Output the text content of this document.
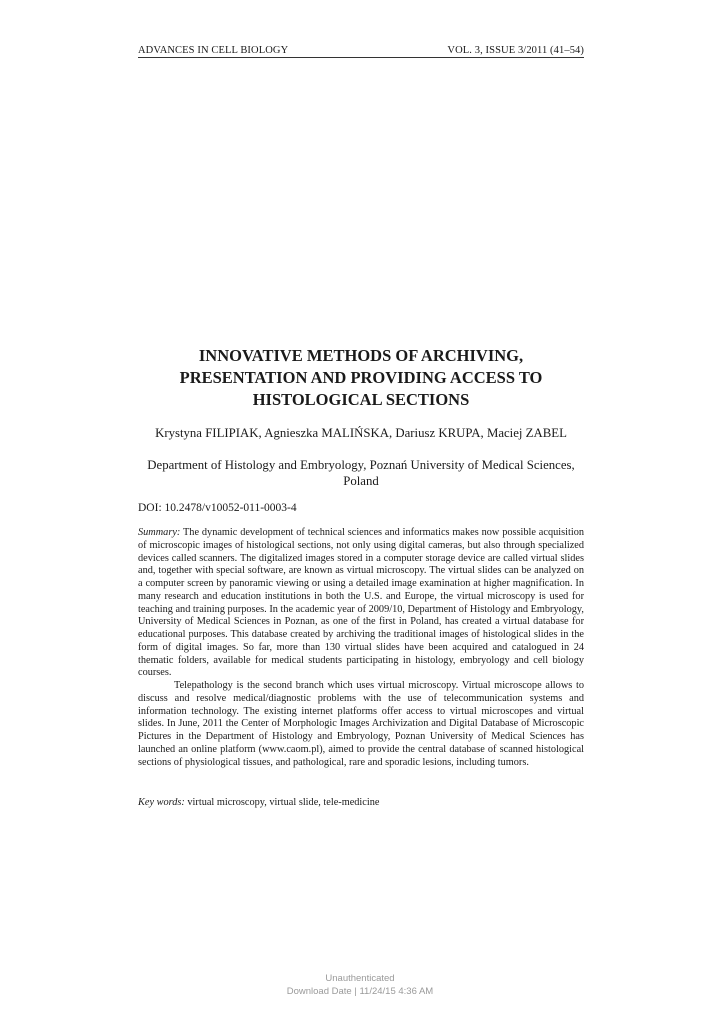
ADVANCES IN CELL BIOLOGY	VOL. 3, ISSUE 3/2011 (41–54)
INNOVATIVE METHODS OF ARCHIVING, PRESENTATION AND PROVIDING ACCESS TO HISTOLOGICAL SECTIONS
Krystyna FILIPIAK, Agnieszka MALIŃSKA, Dariusz KRUPA, Maciej ZABEL
Department of Histology and Embryology, Poznań University of Medical Sciences, Poland
DOI: 10.2478/v10052-011-0003-4

Summary: The dynamic development of technical sciences and informatics makes now possible acquisition of microscopic images of histological sections, not only using digital cameras, but also through specialized devices called scanners. The digitalized images stored in a computer storage device are called virtual slides and, together with special software, are known as virtual microscopy. The virtual slides can be analyzed on a computer screen by panoramic viewing or using a detailed image examination at higher magnification. In many research and education institutions in both the U.S. and Europe, the virtual microscopy is used for teaching and training purposes. In the academic year of 2009/10, Department of Histology and Embryology, University of Medical Sciences in Poznan, as one of the first in Poland, has created a virtual database for educational purposes. This database created by archiving the traditional images of histological slides in the form of digital images. So far, more than 130 virtual slides have been acquired and catalogued in 24 thematic folders, available for medical students participating in histology, embryology and cell biology courses.

Telepathology is the second branch which uses virtual microscopy. Virtual microscope allows to discuss and resolve medical/diagnostic problems with the use of telecommunication systems and information technology. The existing internet platforms offer access to virtual microscopes and virtual slides. In June, 2011 the Center of Morphologic Images Archivization and Digital Database of Microscopic Pictures in the Department of Histology and Embryology, Poznan University of Medical Sciences has launched an online platform (www.caom.pl), aimed to provide the central database of scanned histological sections of physiological tissues, and pathological, rare and sporadic lesions, including tumors.

Key words: virtual microscopy, virtual slide, tele-medicine
Unauthenticated
Download Date | 11/24/15 4:36 AM
